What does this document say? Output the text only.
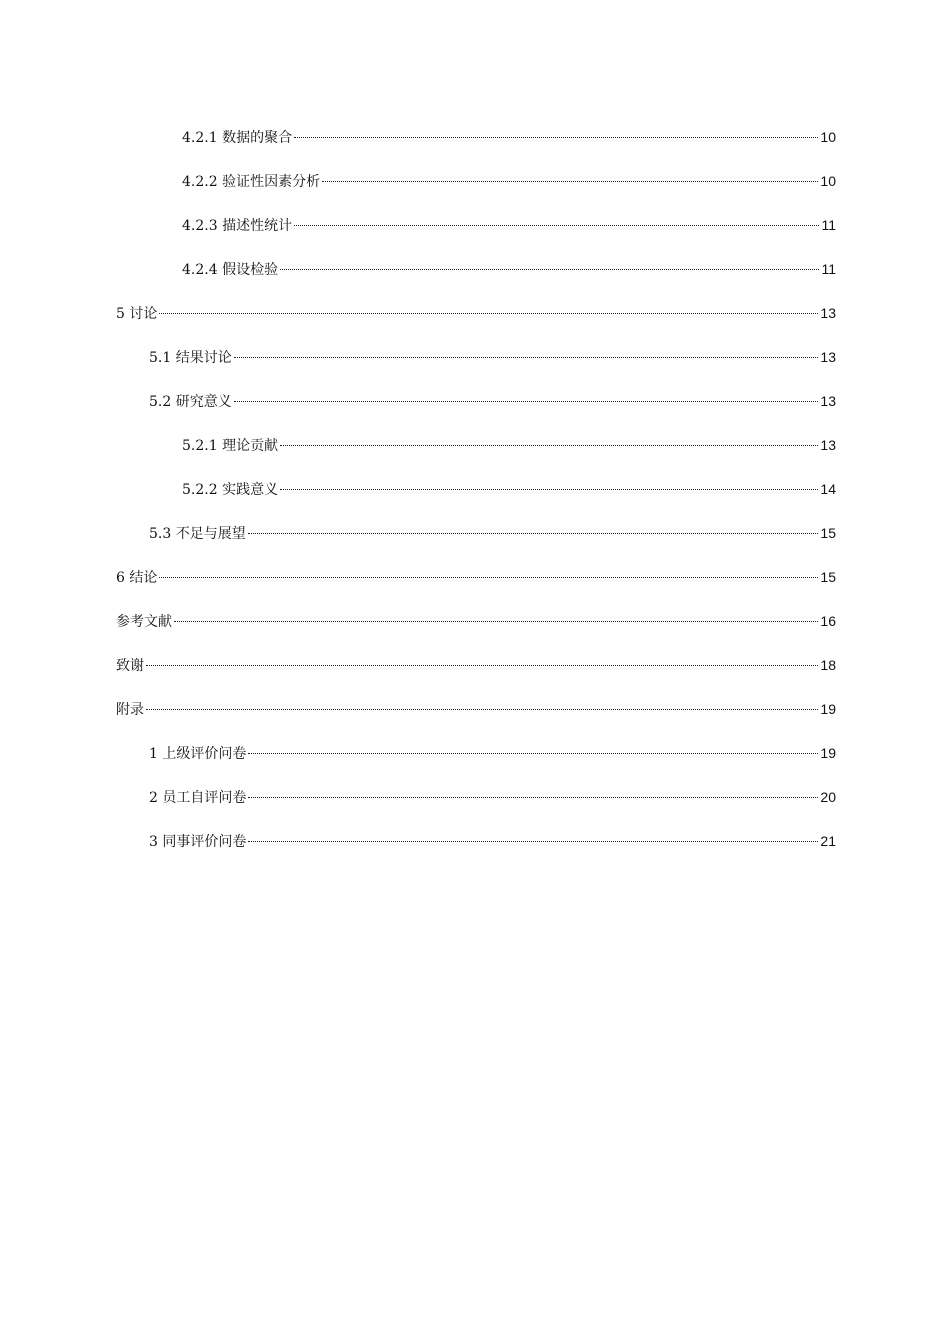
4.2.1 数据的聚合	10
4.2.2 验证性因素分析	10
4.2.3 描述性统计	11
4.2.4 假设检验	11
5 讨论	13
5.1 结果讨论	13
5.2 研究意义	13
5.2.1 理论贡献	13
5.2.2 实践意义	14
5.3 不足与展望	15
6 结论	15
参考文献	16
致谢	18
附录	19
1 上级评价问卷	19
2 员工自评问卷	20
3 同事评价问卷	21
